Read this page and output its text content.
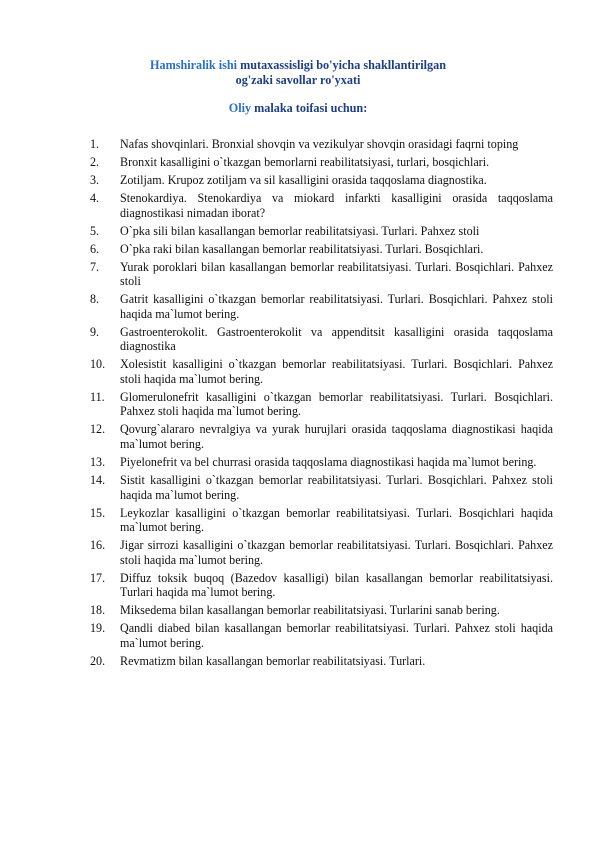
Hamshiralik ishi mutaxassisligi bo'yicha shakllantirilgan
og'zaki savollar ro'yxati
Oliy malaka toifasi uchun:
1.	Nafas shovqinlari. Bronxial shovqin va vezikulyar shovqin orasidagi faqrni toping
2.	Bronxit kasalligini o`tkazgan bemorlarni reabilitatsiyasi, turlari, bosqichlari.
3.	Zotiljam. Krupoz zotiljam va sil kasalligini orasida taqqoslama diagnostika.
4.	Stenokardiya. Stenokardiya va miokard infarkti kasalligini orasida taqqoslama diagnostikasi nimadan iborat?
5.	O`pka sili bilan kasallangan bemorlar reabilitatsiyasi. Turlari. Pahxez stoli
6.	O`pka raki bilan kasallangan bemorlar reabilitatsiyasi. Turlari. Bosqichlari.
7.	Yurak poroklari bilan kasallangan bemorlar reabilitatsiyasi. Turlari. Bosqichlari. Pahxez stoli
8.	Gatrit kasalligini o`tkazgan bemorlar reabilitatsiyasi. Turlari. Bosqichlari. Pahxez stoli haqida ma`lumot bering.
9.	Gastroenterokolit. Gastroenterokolit va appenditsit kasalligini orasida taqqoslama diagnostika
10.	Xolesistit kasalligini o`tkazgan bemorlar reabilitatsiyasi. Turlari. Bosqichlari. Pahxez stoli haqida ma`lumot bering.
11.	Glomerulonefrit kasalligini o`tkazgan bemorlar reabilitatsiyasi. Turlari. Bosqichlari. Pahxez stoli haqida ma`lumot bering.
12.	Qovurg`alararo nevralgiya va yurak hurujlari orasida taqqoslama diagnostikasi haqida ma`lumot bering.
13.	Piyelonefrit va bel churrasi orasida taqqoslama diagnostikasi haqida ma`lumot bering.
14.	Sistit kasalligini o`tkazgan bemorlar reabilitatsiyasi. Turlari. Bosqichlari. Pahxez stoli haqida ma`lumot bering.
15.	Leykozlar kasalligini o`tkazgan bemorlar reabilitatsiyasi. Turlari. Bosqichlari haqida ma`lumot bering.
16.	Jigar sirrozi kasalligini o`tkazgan bemorlar reabilitatsiyasi. Turlari. Bosqichlari. Pahxez stoli haqida ma`lumot bering.
17.	Diffuz toksik buqoq (Bazedov kasalligi) bilan kasallangan bemorlar reabilitatsiyasi. Turlari haqida ma`lumot bering.
18.	Miksedema bilan kasallangan bemorlar reabilitatsiyasi. Turlarini sanab bering.
19.	Qandli diabed bilan kasallangan bemorlar reabilitatsiyasi. Turlari. Pahxez stoli haqida ma`lumot bering.
20.	Revmatizm bilan kasallangan bemorlar reabilitatsiyasi. Turlari.
